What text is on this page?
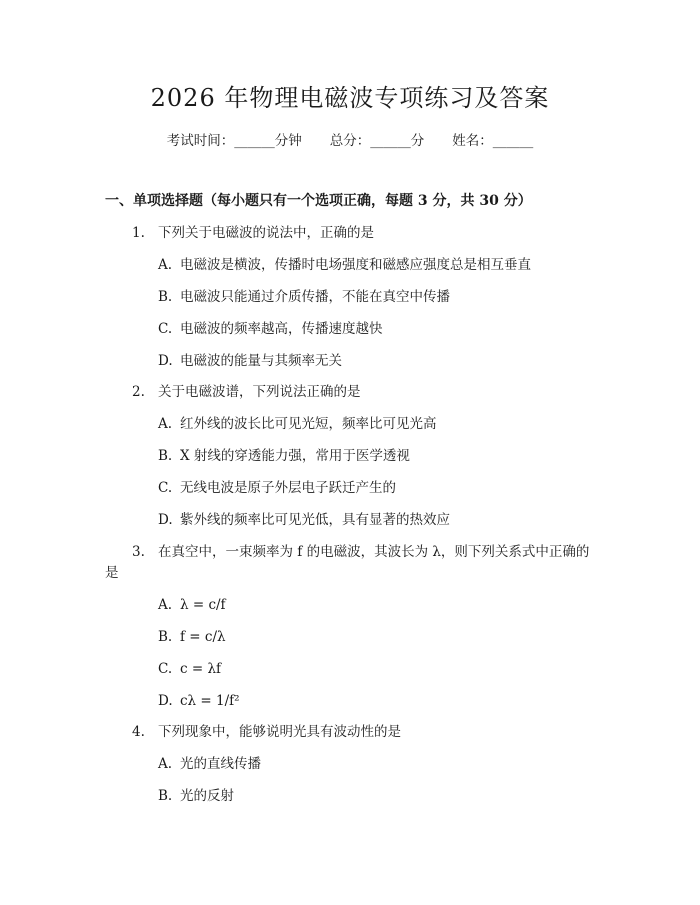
2026 年物理电磁波专项练习及答案
考试时间：______分钟 总分：______分 姓名：______
一、单项选择题（每小题只有一个选项正确，每题 3 分，共 30 分）
1. 下列关于电磁波的说法中，正确的是
A. 电磁波是横波，传播时电场强度和磁感应强度总是相互垂直
B. 电磁波只能通过介质传播，不能在真空中传播
C. 电磁波的频率越高，传播速度越快
D. 电磁波的能量与其频率无关
2. 关于电磁波谱，下列说法正确的是
A. 红外线的波长比可见光短，频率比可见光高
B. X 射线的穿透能力强，常用于医学透视
C. 无线电波是原子外层电子跃迁产生的
D. 紫外线的频率比可见光低，具有显著的热效应
3. 在真空中，一束频率为 f 的电磁波，其波长为 λ，则下列关系式中正确的
是
A. λ = c/f
B. f = c/λ
C. c = λf
D. cλ = 1/f²
4. 下列现象中，能够说明光具有波动性的是
A. 光的直线传播
B. 光的反射
